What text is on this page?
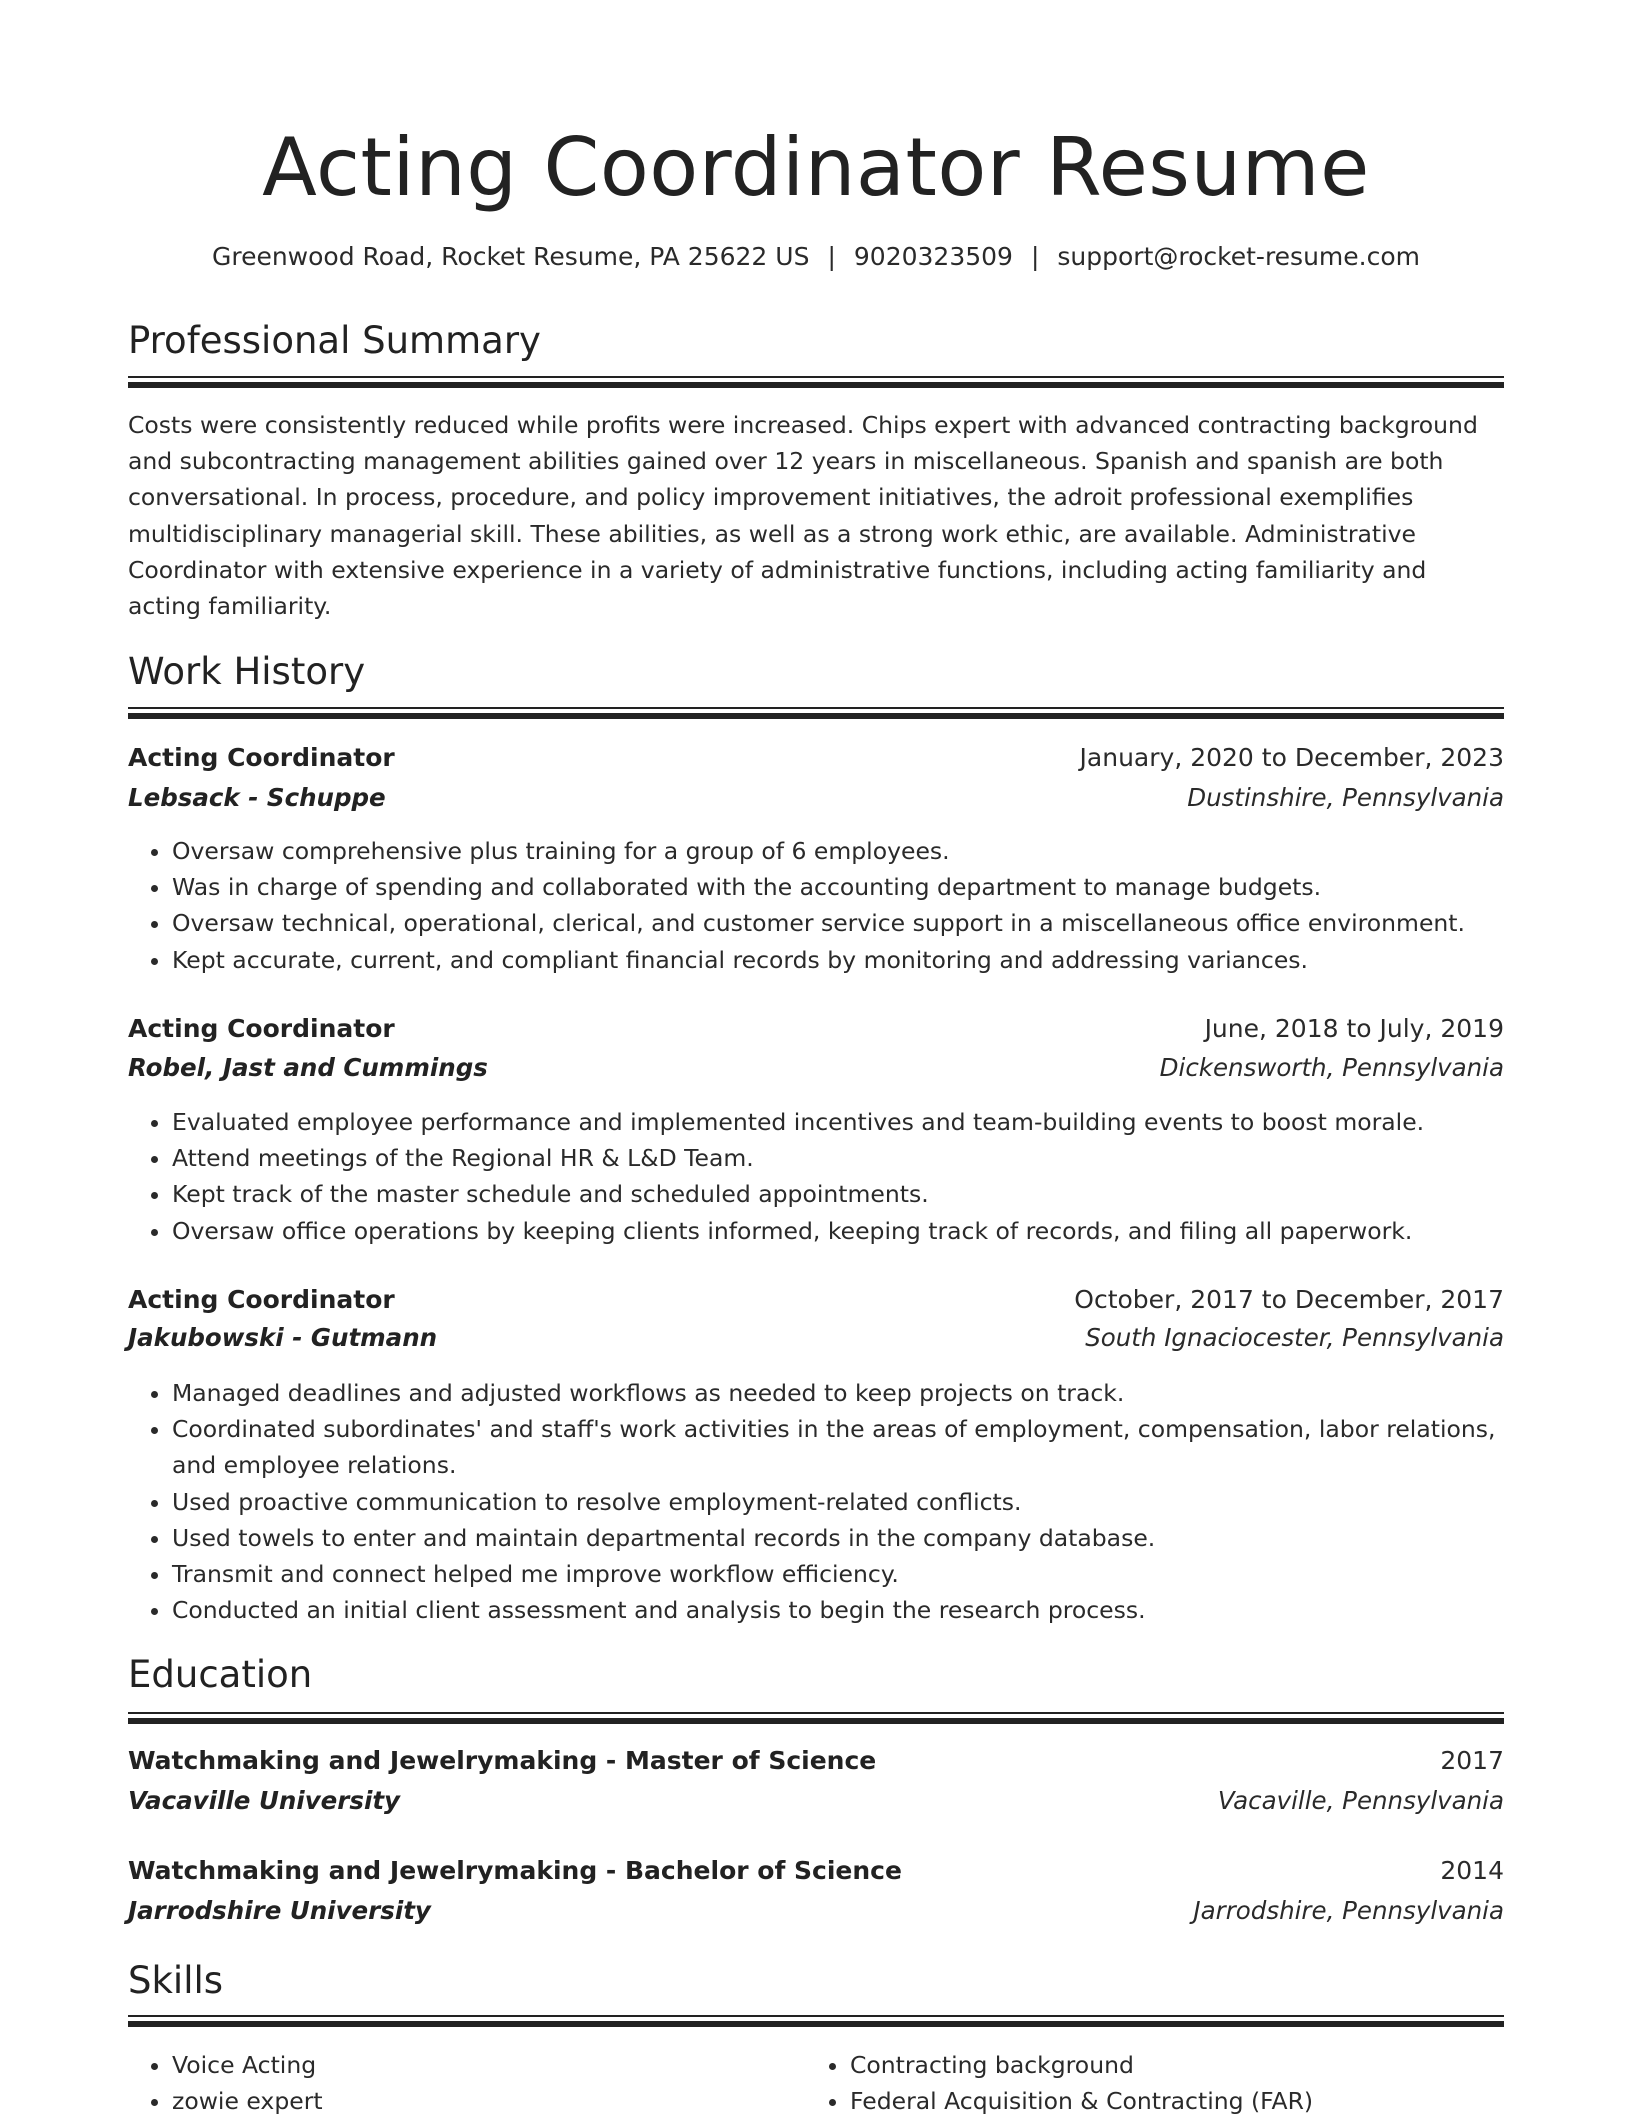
Acting Coordinator Resume
Greenwood Road, Rocket Resume, PA 25622 US | 9020323509 | support@rocket-resume.com
Professional Summary

Costs were consistently reduced while profits were increased. Chips expert with advanced contracting background and subcontracting management abilities gained over 12 years in miscellaneous. Spanish and spanish are both conversational. In process, procedure, and policy improvement initiatives, the adroit professional exemplifies multidisciplinary managerial skill. These abilities, as well as a strong work ethic, are available. Administrative Coordinator with extensive experience in a variety of administrative functions, including acting familiarity and acting familiarity.

Work History
Acting Coordinator	January, 2020 to December, 2023
Lebsack - Schuppe	Dustinshire, Pennsylvania
• Oversaw comprehensive plus training for a group of 6 employees.
• Was in charge of spending and collaborated with the accounting department to manage budgets.
• Oversaw technical, operational, clerical, and customer service support in a miscellaneous office environment.
• Kept accurate, current, and compliant financial records by monitoring and addressing variances.
Acting Coordinator	June, 2018 to July, 2019
Robel, Jast and Cummings	Dickensworth, Pennsylvania
• Evaluated employee performance and implemented incentives and team-building events to boost morale.
• Attend meetings of the Regional HR & L&D Team.
• Kept track of the master schedule and scheduled appointments.
• Oversaw office operations by keeping clients informed, keeping track of records, and filing all paperwork.
Acting Coordinator	October, 2017 to December, 2017
Jakubowski - Gutmann	South Ignaciocester, Pennsylvania
• Managed deadlines and adjusted workflows as needed to keep projects on track.
• Coordinated subordinates' and staff's work activities in the areas of employment, compensation, labor relations, and employee relations.
• Used proactive communication to resolve employment-related conflicts.
• Used towels to enter and maintain departmental records in the company database.
• Transmit and connect helped me improve workflow efficiency.
• Conducted an initial client assessment and analysis to begin the research process.
Education
Watchmaking and Jewelrymaking - Master of Science	2017
Vacaville University	Vacaville, Pennsylvania
Watchmaking and Jewelrymaking - Bachelor of Science	2014
Jarrodshire University	Jarrodshire, Pennsylvania
Skills
• Voice Acting
• zowie expert
• Contracting background
• Federal Acquisition & Contracting (FAR)
